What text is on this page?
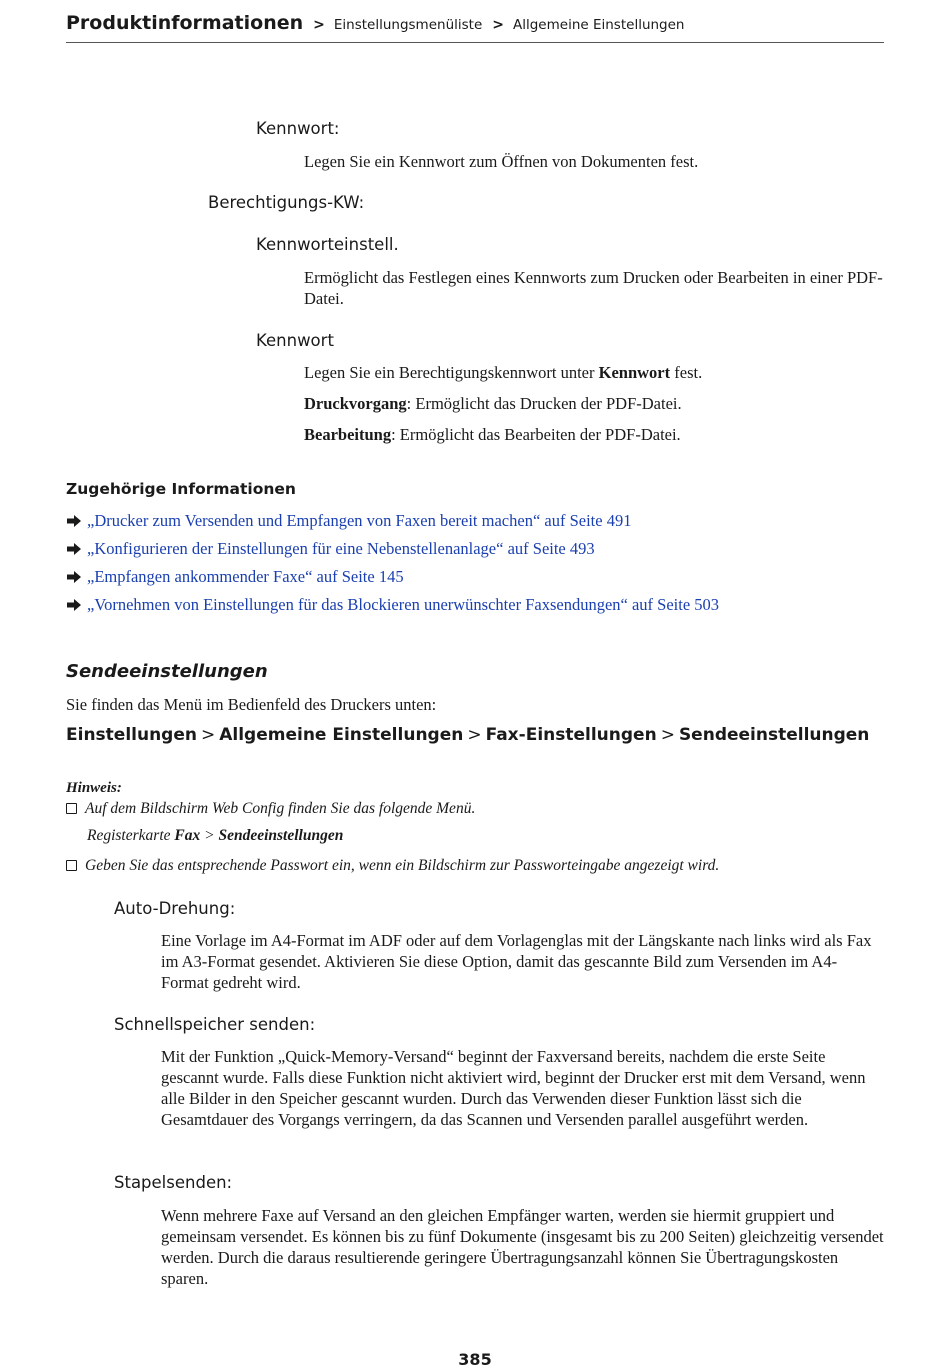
Produktinformationen > Einstellungsmenüliste > Allgemeine Einstellungen
Kennwort:
Legen Sie ein Kennwort zum Öffnen von Dokumenten fest.
Berechtigungs-KW:
Kennworteinstell.
Ermöglicht das Festlegen eines Kennworts zum Drucken oder Bearbeiten in einer PDF-Datei.
Kennwort
Legen Sie ein Berechtigungskennwort unter Kennwort fest.
Druckvorgang: Ermöglicht das Drucken der PDF-Datei.
Bearbeitung: Ermöglicht das Bearbeiten der PDF-Datei.
Zugehörige Informationen
„Drucker zum Versenden und Empfangen von Faxen bereit machen“ auf Seite 491
„Konfigurieren der Einstellungen für eine Nebenstellenanlage“ auf Seite 493
„Empfangen ankommender Faxe“ auf Seite 145
„Vornehmen von Einstellungen für das Blockieren unerwünschter Faxsendungen“ auf Seite 503
Sendeeinstellungen
Sie finden das Menü im Bedienfeld des Druckers unten:
Einstellungen > Allgemeine Einstellungen > Fax-Einstellungen > Sendeeinstellungen
Hinweis:
Auf dem Bildschirm Web Config finden Sie das folgende Menü.
Registerkarte Fax > Sendeeinstellungen
Geben Sie das entsprechende Passwort ein, wenn ein Bildschirm zur Passworteingabe angezeigt wird.
Auto-Drehung:
Eine Vorlage im A4-Format im ADF oder auf dem Vorlagenglas mit der Längskante nach links wird als Fax im A3-Format gesendet. Aktivieren Sie diese Option, damit das gescannte Bild zum Versenden im A4-Format gedreht wird.
Schnellspeicher senden:
Mit der Funktion „Quick-Memory-Versand“ beginnt der Faxversand bereits, nachdem die erste Seite gescannt wurde. Falls diese Funktion nicht aktiviert wird, beginnt der Drucker erst mit dem Versand, wenn alle Bilder in den Speicher gescannt wurden. Durch das Verwenden dieser Funktion lässt sich die Gesamtdauer des Vorgangs verringern, da das Scannen und Versenden parallel ausgeführt werden.
Stapelsenden:
Wenn mehrere Faxe auf Versand an den gleichen Empfänger warten, werden sie hiermit gruppiert und gemeinsam versendet. Es können bis zu fünf Dokumente (insgesamt bis zu 200 Seiten) gleichzeitig versendet werden. Durch die daraus resultierende geringere Übertragungsanzahl können Sie Übertragungskosten sparen.
385
